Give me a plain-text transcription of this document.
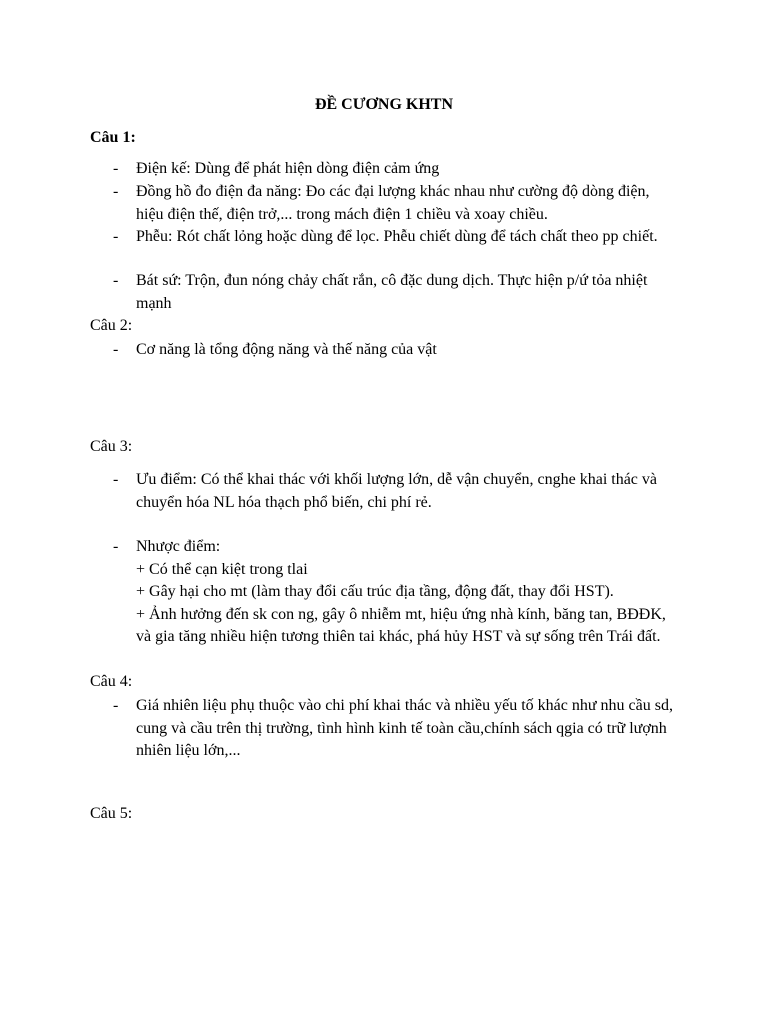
ĐỀ CƯƠNG KHTN
Câu 1:
- Điện kế: Dùng để phát hiện dòng điện cảm ứng
- Đồng hồ đo điện đa năng: Đo các đại lượng khác nhau như cường độ dòng điện, hiệu điện thế, điện trở,... trong mách điện 1 chiều và xoay chiều.
- Phễu: Rót chất lỏng hoặc dùng để lọc. Phễu chiết dùng để tách chất theo pp chiết.
- Bát sứ: Trộn, đun nóng chảy chất rắn, cô đặc dung dịch. Thực hiện p/ứ tỏa nhiệt mạnh
Câu 2:
- Cơ năng là tổng động năng và thế năng của vật
Câu 3:
- Ưu điểm: Có thể khai thác với khối lượng lớn, dễ vận chuyển, cnghe khai thác và chuyển hóa NL hóa thạch phổ biến, chi phí rẻ.
- Nhược điểm:
+ Có thể cạn kiệt trong tlai
+ Gây hại cho mt (làm thay đổi cấu trúc địa tầng, động đất, thay đổi HST).
+ Ảnh hưởng đến sk con ng, gây ô nhiễm mt, hiệu ứng nhà kính, băng tan, BĐĐK, và gia tăng nhiều hiện tương thiên tai khác, phá hủy HST và sự sống trên Trái đất.
Câu 4:
- Giá nhiên liệu phụ thuộc vào chi phí khai thác và nhiều yếu tố khác như nhu cầu sd, cung và cầu trên thị trường, tình hình kinh tế toàn cầu,chính sách qgia có trữ lượnh nhiên liệu lớn,...
Câu 5:
